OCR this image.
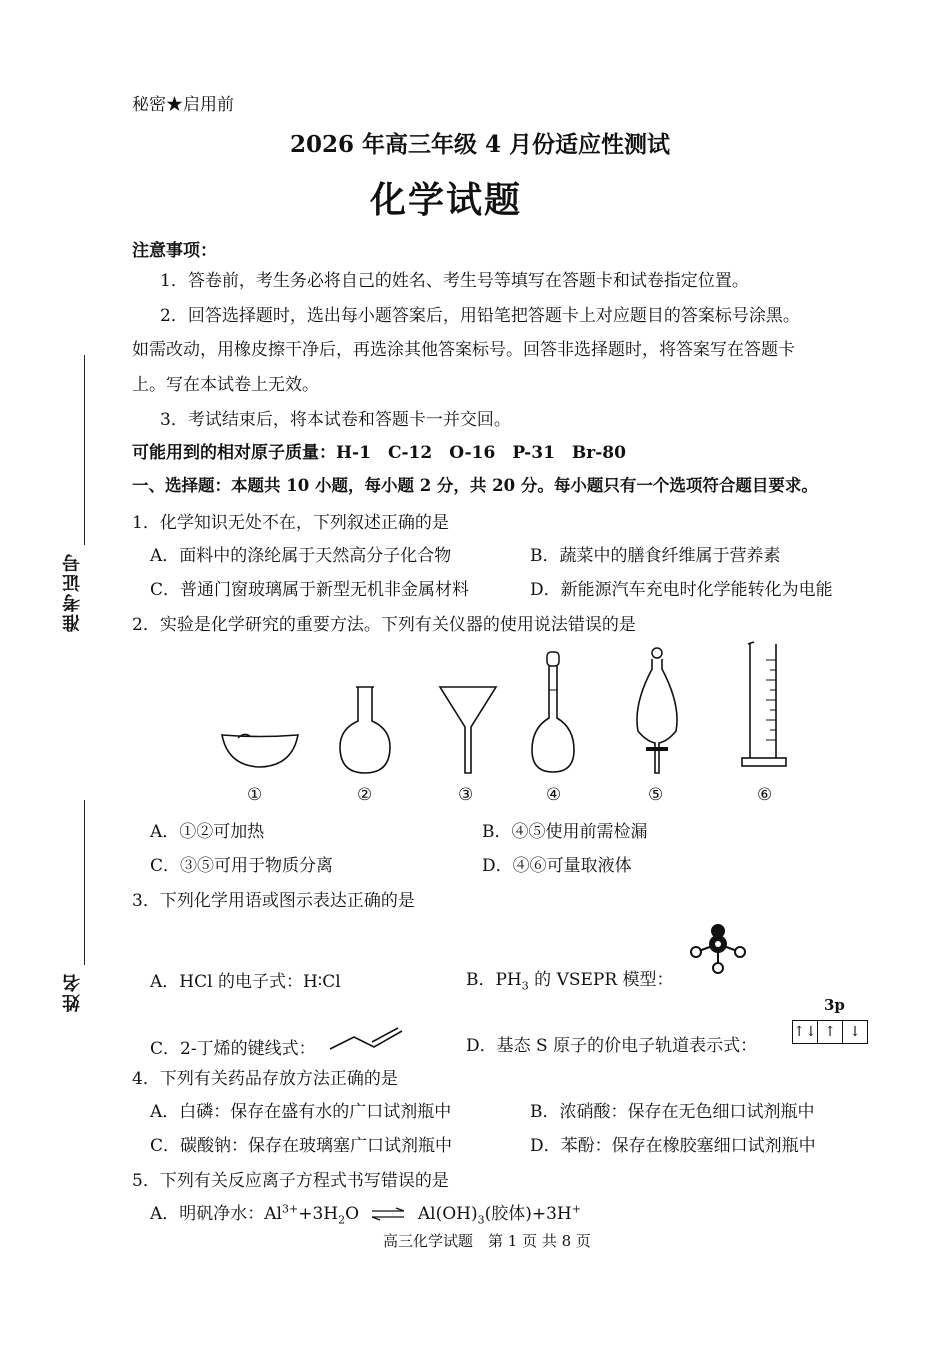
秘密★启用前
2026 年高三年级 4 月份适应性测试
化学试题
准考证号
姓名
注意事项：
1．答卷前，考生务必将自己的姓名、考生号等填写在答题卡和试卷指定位置。
2．回答选择题时，选出每小题答案后，用铅笔把答题卡上对应题目的答案标号涂黑。
如需改动，用橡皮擦干净后，再选涂其他答案标号。回答非选择题时，将答案写在答题卡
上。写在本试卷上无效。
3．考试结束后，将本试卷和答题卡一并交回。
可能用到的相对原子质量：H-1　C-12　O-16　P-31　Br-80
一、选择题：本题共 10 小题，每小题 2 分，共 20 分。每小题只有一个选项符合题目要求。
1．化学知识无处不在，下列叙述正确的是
A．面料中的涤纶属于天然高分子化合物	B．蔬菜中的膳食纤维属于营养素
C．普通门窗玻璃属于新型无机非金属材料	D．新能源汽车充电时化学能转化为电能
2．实验是化学研究的重要方法。下列有关仪器的使用说法错误的是
①	②	③	④	⑤	⑥
A．①②可加热	B．④⑤使用前需检漏
C．③⑤可用于物质分离	D．④⑥可量取液体
3．下列化学用语或图示表达正确的是
A．HCl 的电子式：H∶Cl	B．$PH_3$ 的 VSEPR 模型：
C．2-丁烯的键线式：	D．基态 S 原子的价电子轨道表示式：
3p
↑↓ ↑ ↓
4．下列有关药品存放方法正确的是
A．白磷：保存在盛有水的广口试剂瓶中	B．浓硝酸：保存在无色细口试剂瓶中
C．碳酸钠：保存在玻璃塞广口试剂瓶中	D．苯酚：保存在橡胶塞细口试剂瓶中
5．下列有关反应离子方程式书写错误的是
A．明矾净水：$Al^{3+}+3H_2O$ ⇌ $Al(OH)_3$(胶体)+3H+
高三化学试题　第 1 页 共 8 页
